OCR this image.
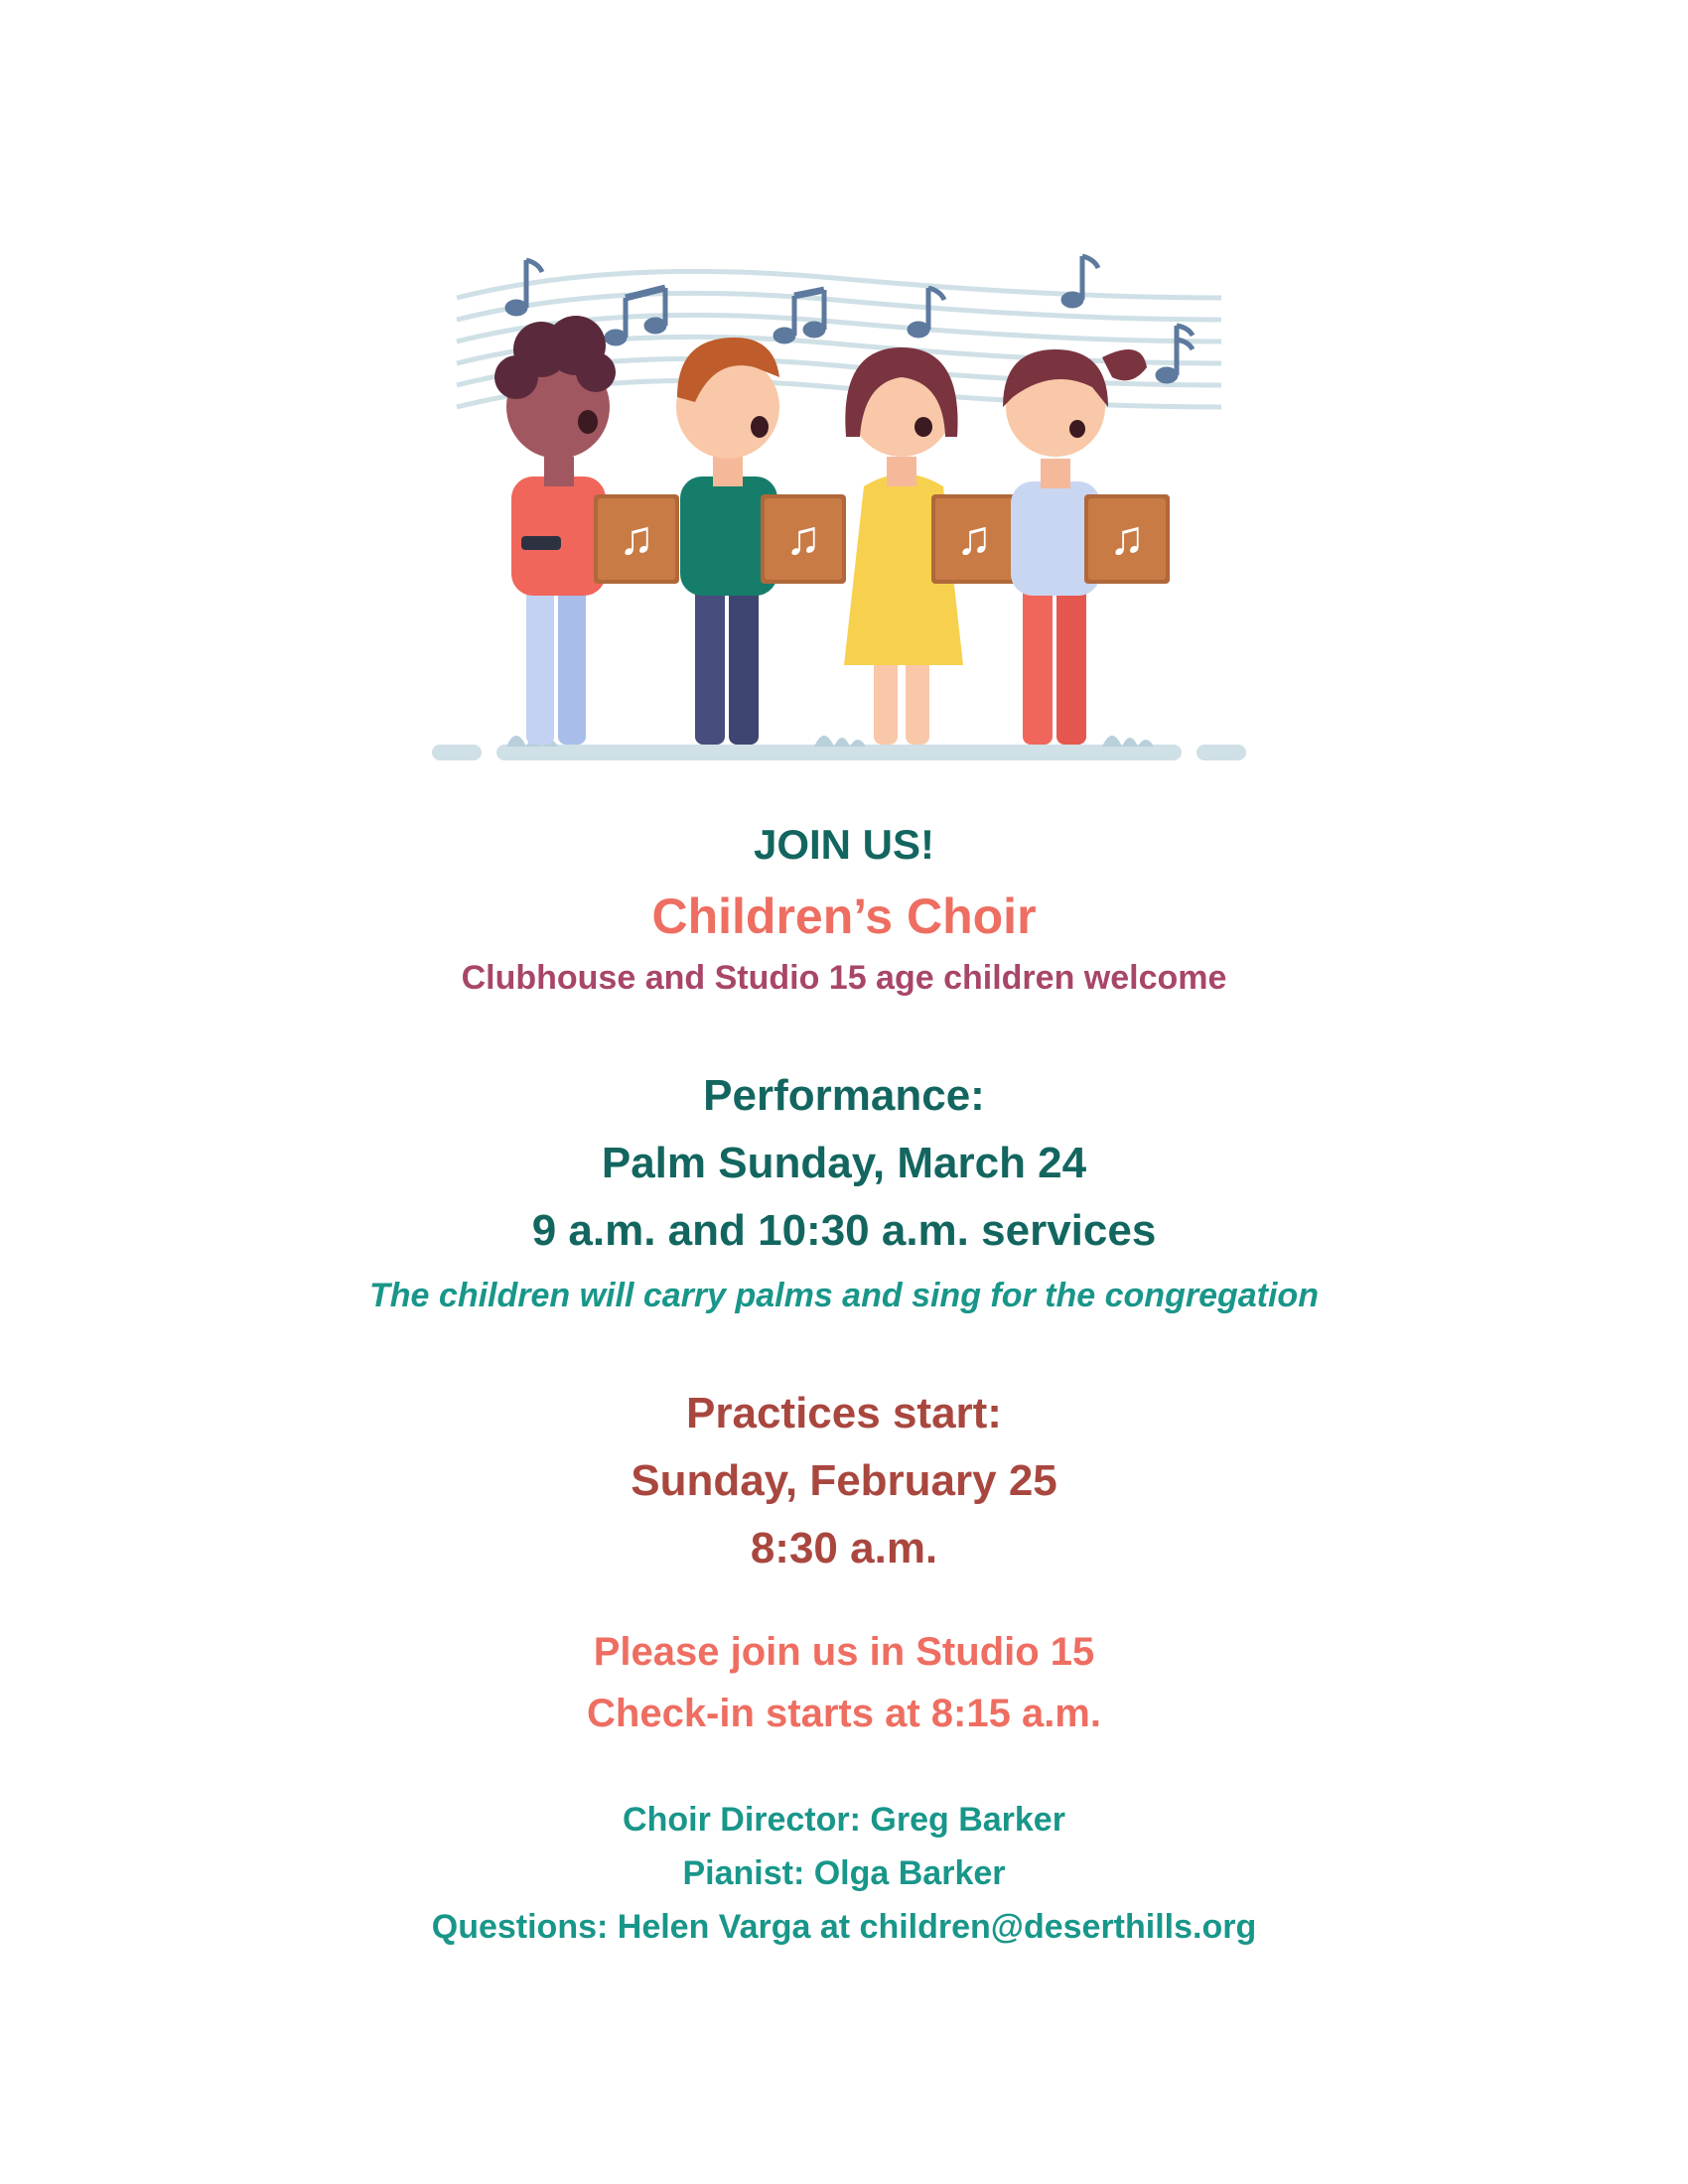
♫	♫	♫ ♫

JOIN US!

Children’s Choir

Clubhouse and Studio 15 age children welcome

Performance:

Palm Sunday, March 24

9 a.m. and 10:30 a.m. services

The children will carry palms and sing for the congregation

Practices start:

Sunday, February 25

8:30 a.m.

Please join us in Studio 15

Check-in starts at 8:15 a.m.

Choir Director: Greg Barker

Pianist: Olga Barker

Questions: Helen Varga at children@deserthills.org
